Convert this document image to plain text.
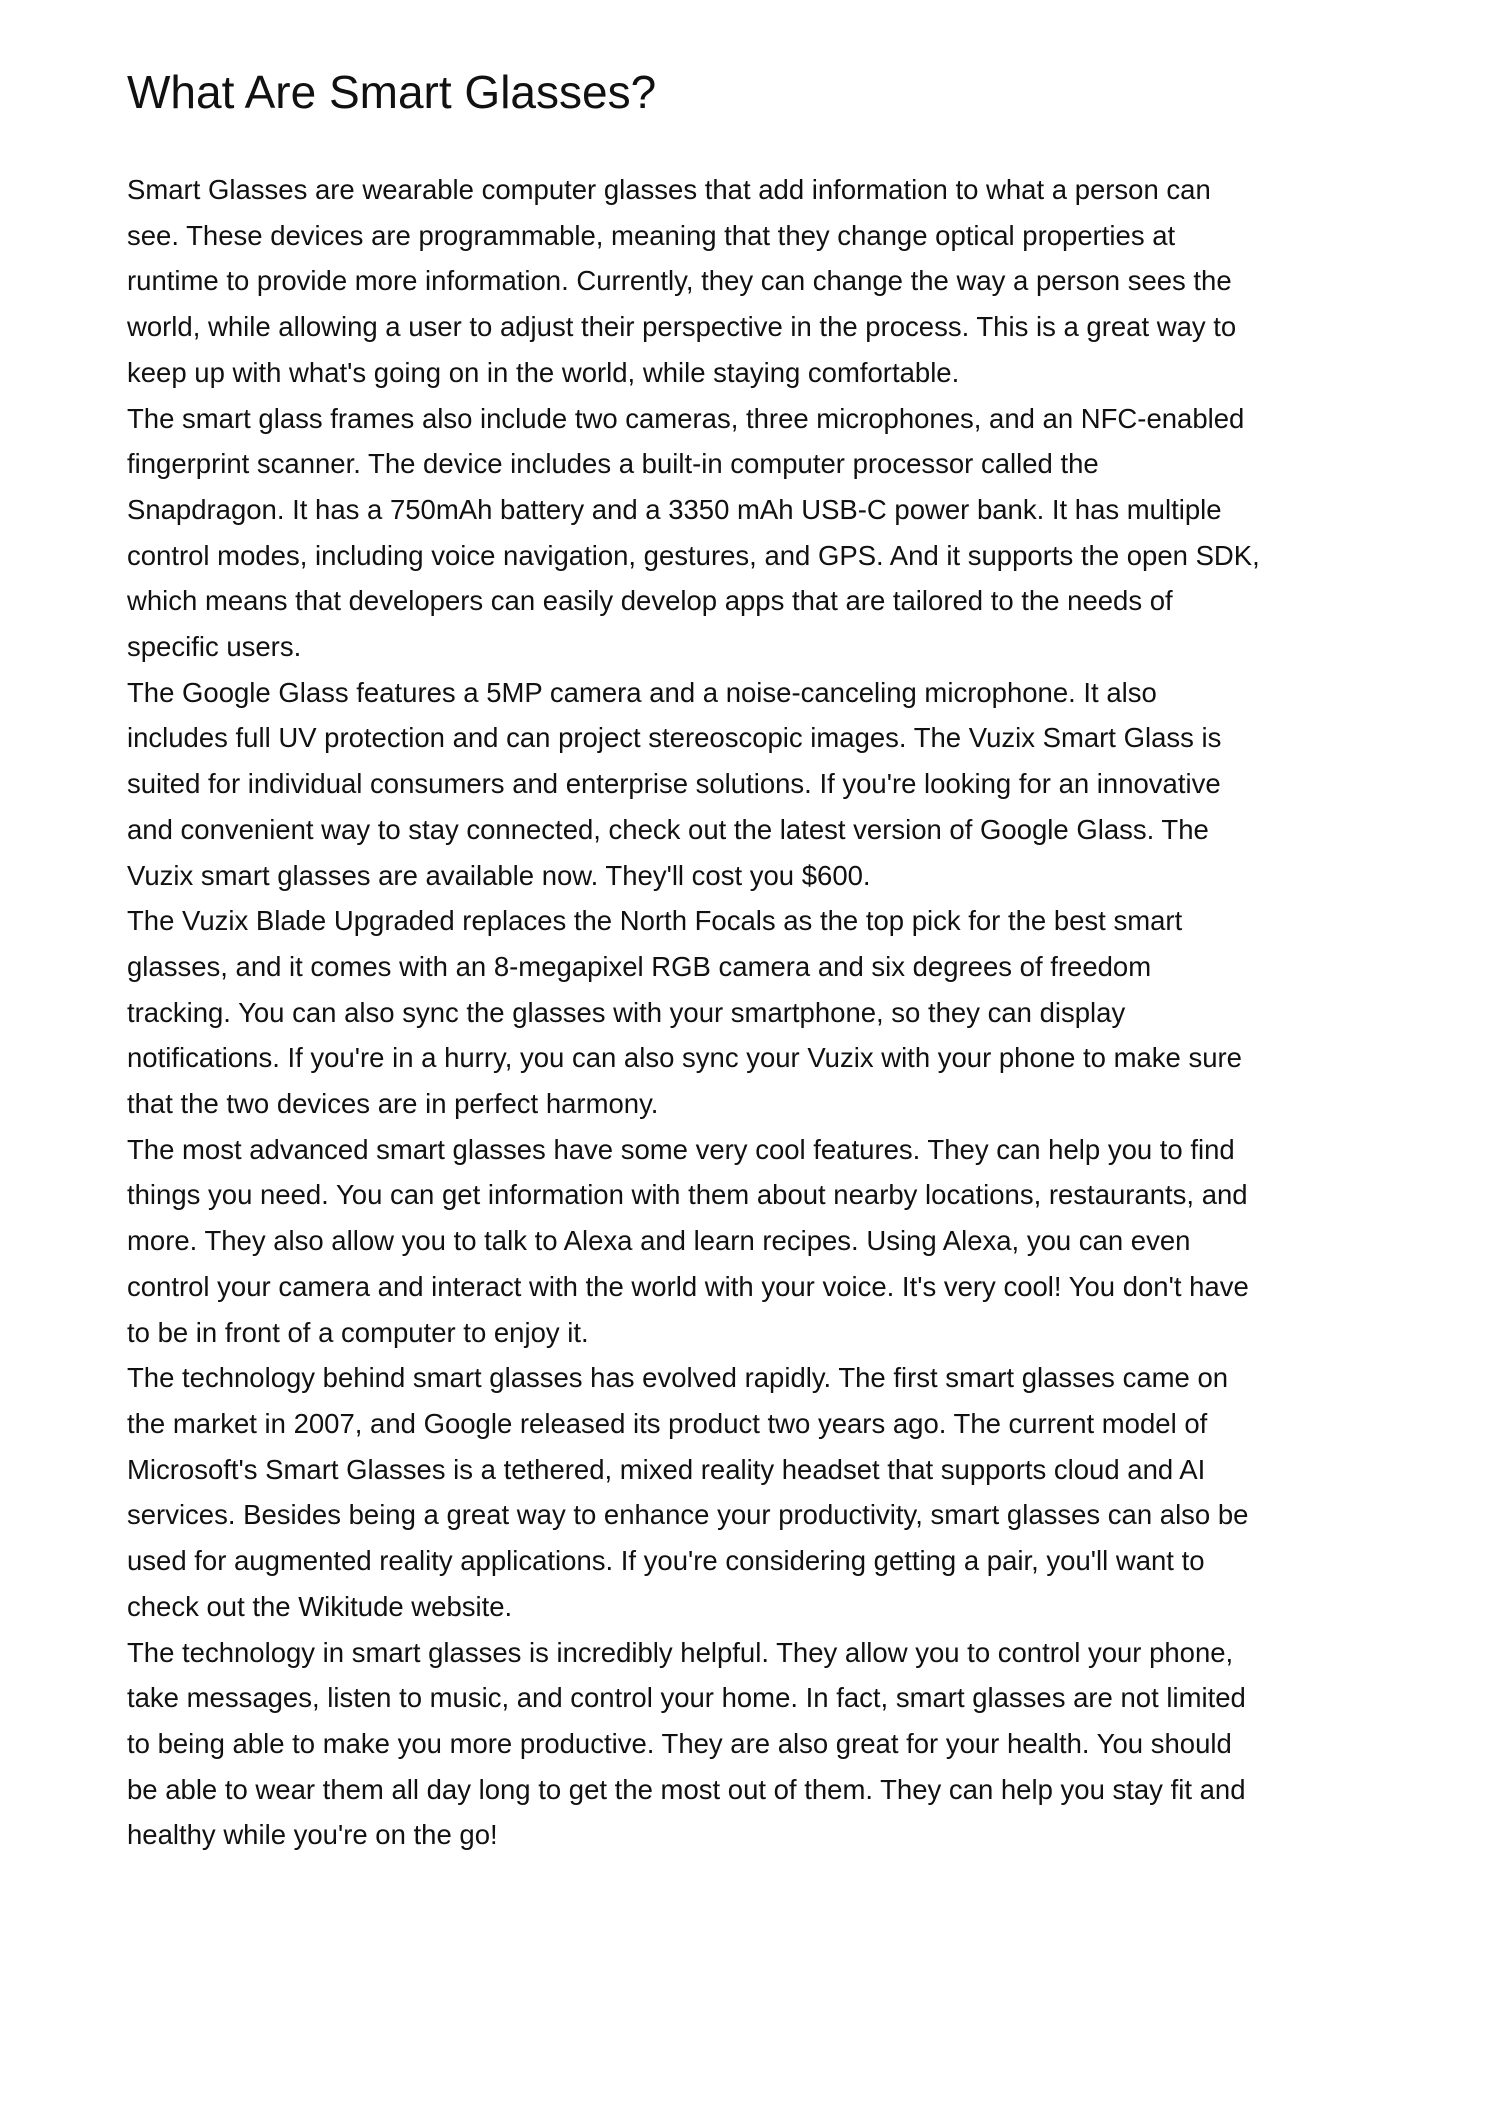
What Are Smart Glasses?

Smart Glasses are wearable computer glasses that add information to what a person can
see. These devices are programmable, meaning that they change optical properties at
runtime to provide more information. Currently, they can change the way a person sees the
world, while allowing a user to adjust their perspective in the process. This is a great way to
keep up with what's going on in the world, while staying comfortable.

The smart glass frames also include two cameras, three microphones, and an NFC-enabled
fingerprint scanner. The device includes a built-in computer processor called the
Snapdragon. It has a 750mAh battery and a 3350 mAh USB-C power bank. It has multiple
control modes, including voice navigation, gestures, and GPS. And it supports the open SDK,
which means that developers can easily develop apps that are tailored to the needs of
specific users.

The Google Glass features a 5MP camera and a noise-canceling microphone. It also
includes full UV protection and can project stereoscopic images. The Vuzix Smart Glass is
suited for individual consumers and enterprise solutions. If you're looking for an innovative
and convenient way to stay connected, check out the latest version of Google Glass. The
Vuzix smart glasses are available now. They'll cost you $600.

The Vuzix Blade Upgraded replaces the North Focals as the top pick for the best smart
glasses, and it comes with an 8-megapixel RGB camera and six degrees of freedom
tracking. You can also sync the glasses with your smartphone, so they can display
notifications. If you're in a hurry, you can also sync your Vuzix with your phone to make sure
that the two devices are in perfect harmony.

The most advanced smart glasses have some very cool features. They can help you to find
things you need. You can get information with them about nearby locations, restaurants, and
more. They also allow you to talk to Alexa and learn recipes. Using Alexa, you can even
control your camera and interact with the world with your voice. It's very cool! You don't have
to be in front of a computer to enjoy it.

The technology behind smart glasses has evolved rapidly. The first smart glasses came on
the market in 2007, and Google released its product two years ago. The current model of
Microsoft's Smart Glasses is a tethered, mixed reality headset that supports cloud and AI
services. Besides being a great way to enhance your productivity, smart glasses can also be
used for augmented reality applications. If you're considering getting a pair, you'll want to
check out the Wikitude website.

The technology in smart glasses is incredibly helpful. They allow you to control your phone,
take messages, listen to music, and control your home. In fact, smart glasses are not limited
to being able to make you more productive. They are also great for your health. You should
be able to wear them all day long to get the most out of them. They can help you stay fit and
healthy while you're on the go!
